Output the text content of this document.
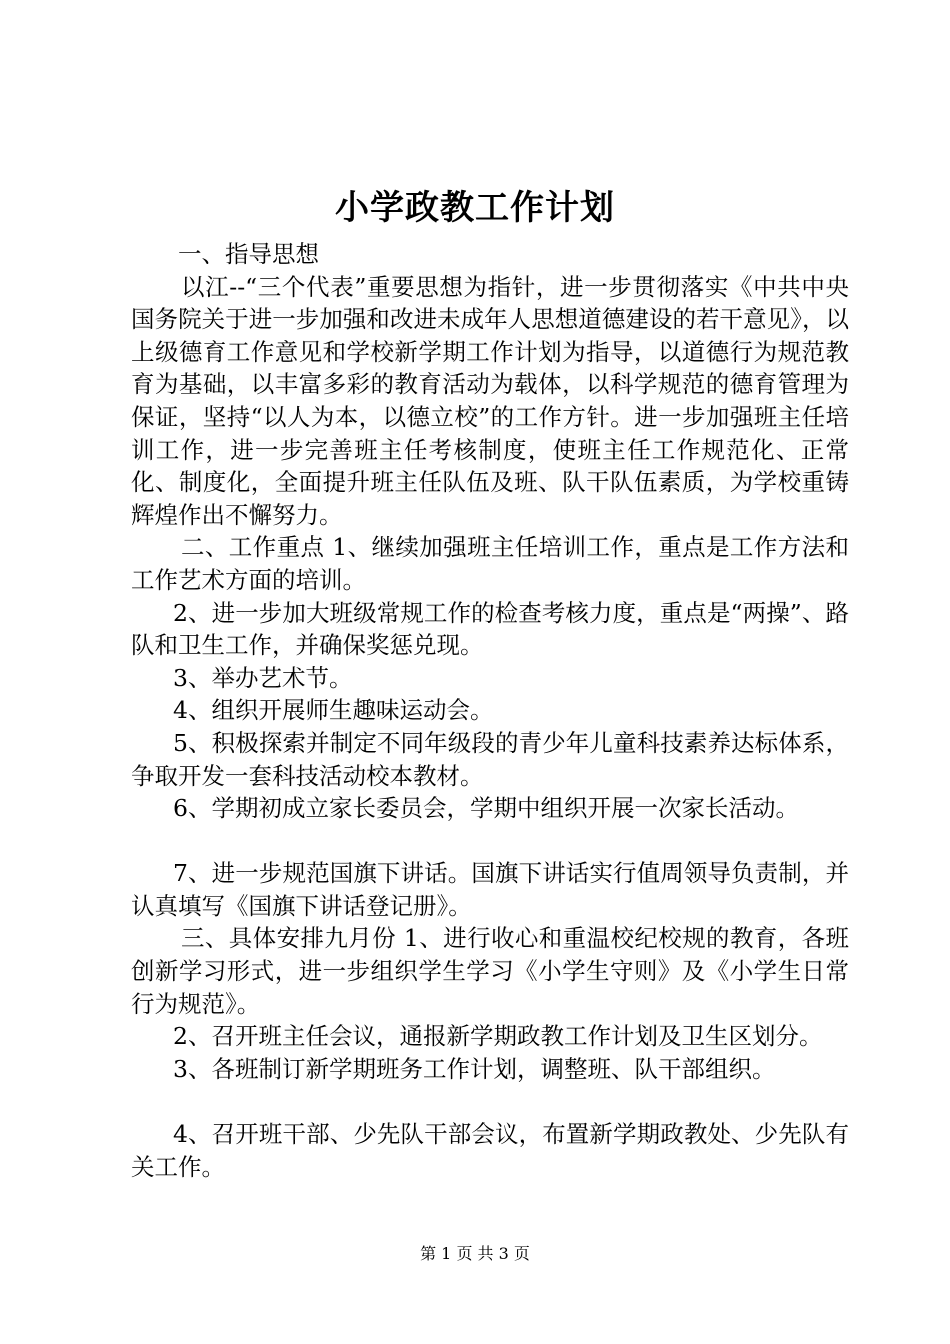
小学政教工作计划

一、指导思想

以江--“三个代表”重要思想为指针，进一步贯彻落实《中共中央国务院关于进一步加强和改进未成年人思想道德建设的若干意见》，以上级德育工作意见和学校新学期工作计划为指导，以道德行为规范教育为基础，以丰富多彩的教育活动为载体，以科学规范的德育管理为保证，坚持“以人为本，以德立校”的工作方针。进一步加强班主任培训工作，进一步完善班主任考核制度，使班主任工作规范化、正常化、制度化，全面提升班主任队伍及班、队干队伍素质，为学校重铸辉煌作出不懈努力。

二、工作重点 1、继续加强班主任培训工作，重点是工作方法和工作艺术方面的培训。

2、进一步加大班级常规工作的检查考核力度，重点是“两操”、路队和卫生工作，并确保奖惩兑现。

3、举办艺术节。

4、组织开展师生趣味运动会。

5、积极探索并制定不同年级段的青少年儿童科技素养达标体系，争取开发一套科技活动校本教材。

6、学期初成立家长委员会，学期中组织开展一次家长活动。

7、进一步规范国旗下讲话。国旗下讲话实行值周领导负责制，并认真填写《国旗下讲话登记册》。

三、具体安排九月份 1、进行收心和重温校纪校规的教育，各班创新学习形式，进一步组织学生学习《小学生守则》及《小学生日常行为规范》。

2、召开班主任会议，通报新学期政教工作计划及卫生区划分。

3、各班制订新学期班务工作计划，调整班、队干部组织。

4、召开班干部、少先队干部会议，布置新学期政教处、少先队有关工作。

第 1 页 共 3 页
